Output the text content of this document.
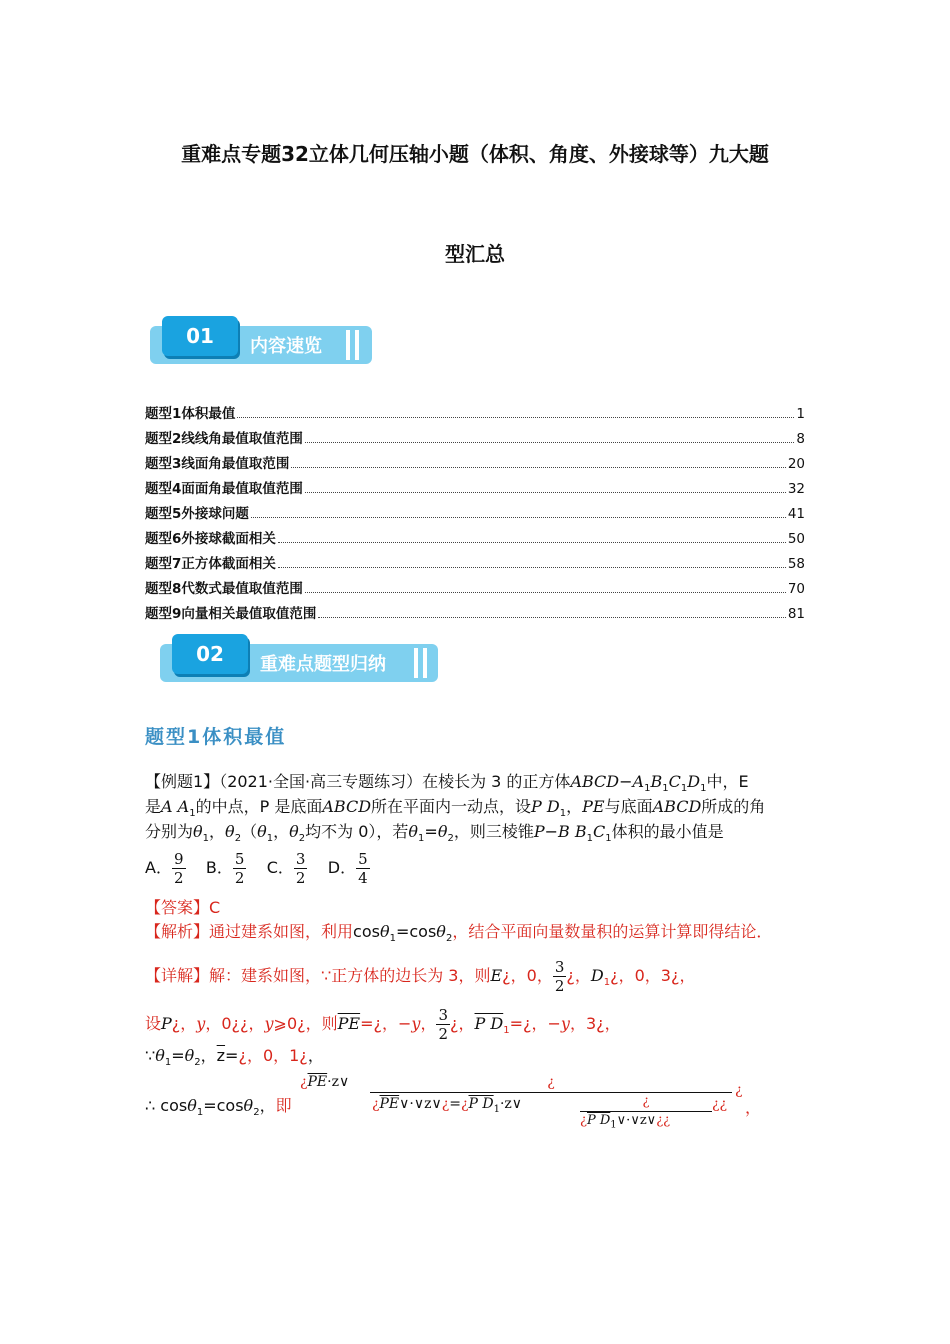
重难点专题32立体几何压轴小题（体积、角度、外接球等）九大题
型汇总
01	内容速览
题型1体积最值	1
题型2线线角最值取值范围	8
题型3线面角最值取范围	20
题型4面面角最值取值范围	32
题型5外接球问题	41
题型6外接球截面相关	50
题型7正方体截面相关	58
题型8代数式最值取值范围	70
题型9向量相关最值取值范围	81
02	重难点题型归纳
题型1体积最值
【例题1】（2021·全国·高三专题练习）在棱长为 3 的正方体$ABCD-A_1B_1C_1D_1$中，E
是A $A_1$的中点，P 是底面ABCD所在平面内一动点，设P $D_1$，PE与底面ABCD所成的角
分别为$\theta_1$，$\theta_2(\theta_1$，$\theta_2$均不为 0），若$\theta_1=\theta_2$，则三棱锥P−B $B_1C_1$体积的最小值是
A． $\frac{9}{2}$ B． $\frac{5}{2}$ C． $\frac{3}{2}$ D． $\frac{5}{4}$
【答案】C
【解析】通过建系如图，利用cosθ$_1$=cosθ$_2$，结合平面向量数量积的运算计算即得结论．
【详解】解：建系如图，∵正方体的边长为 3，则E¿，0， $\frac{3}{2}$ ¿，$D_1¿$，0，3¿，
设P¿，y，0¿¿，y⩾0¿，则$\overline{PE}=¿$，−y， $\frac{3}{2}$ ¿，P $D_1=¿$，−y，3¿，
$\because\theta_1=\theta_2$，$\overline{z}=¿$，0，1¿，
∴ cosθ$_1$=cosθ$_2$，即
¿$\overline{PE}\cdot z\vee$	¿
¿$\overline{PE}\vee\cdot\vee z\vee¿=¿P$ $D_1\cdot z\vee$	¿
¿P $D_1\vee\cdot\vee z\vee¿¿$
¿¿
¿
，
